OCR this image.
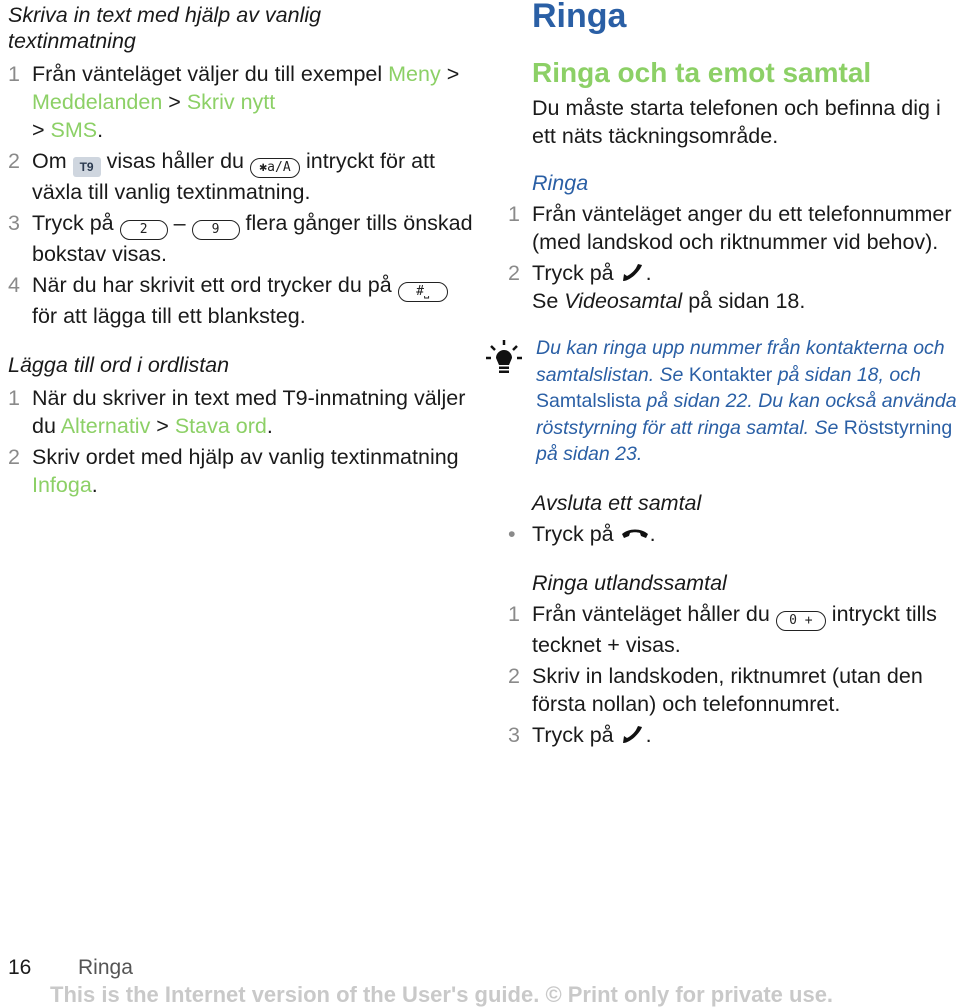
Skriva in text med hjälp av vanlig textinmatning

1 Från vänteläget väljer du till exempel Meny > Meddelanden > Skriv nytt
> SMS.
2 Om T9 visas håller du ✱a/A intryckt för att växla till vanlig textinmatning.
3 Tryck på 2 – 9 flera gånger tills önskad bokstav visas.
4 När du har skrivit ett ord trycker du på #⎵ för att lägga till ett blanksteg.

Lägga till ord i ordlistan

1 När du skriver in text med T9-inmatning väljer du Alternativ > Stava ord.
2 Skriv ordet med hjälp av vanlig textinmatning Infoga.
Ringa
Ringa och ta emot samtal

Du måste starta telefonen och befinna dig i ett näts täckningsområde.

Ringa

1 Från vänteläget anger du ett telefonnummer (med landskod och riktnummer vid behov).
2 Tryck på .
Se Videosamtal på sidan 18.
Du kan ringa upp nummer från kontakterna och samtalslistan. Se Kontakter på sidan 18, och Samtalslista på sidan 22. Du kan också använda röststyrning för att ringa samtal. Se Röststyrning på sidan 23.

Avsluta ett samtal

• Tryck på .

Ringa utlandssamtal

1 Från vänteläget håller du 0 + intryckt tills tecknet + visas.
2 Skriv in landskoden, riktnumret (utan den första nollan) och telefonnumret.
3 Tryck på .
16 Ringa
This is the Internet version of the User's guide. © Print only for private use.
